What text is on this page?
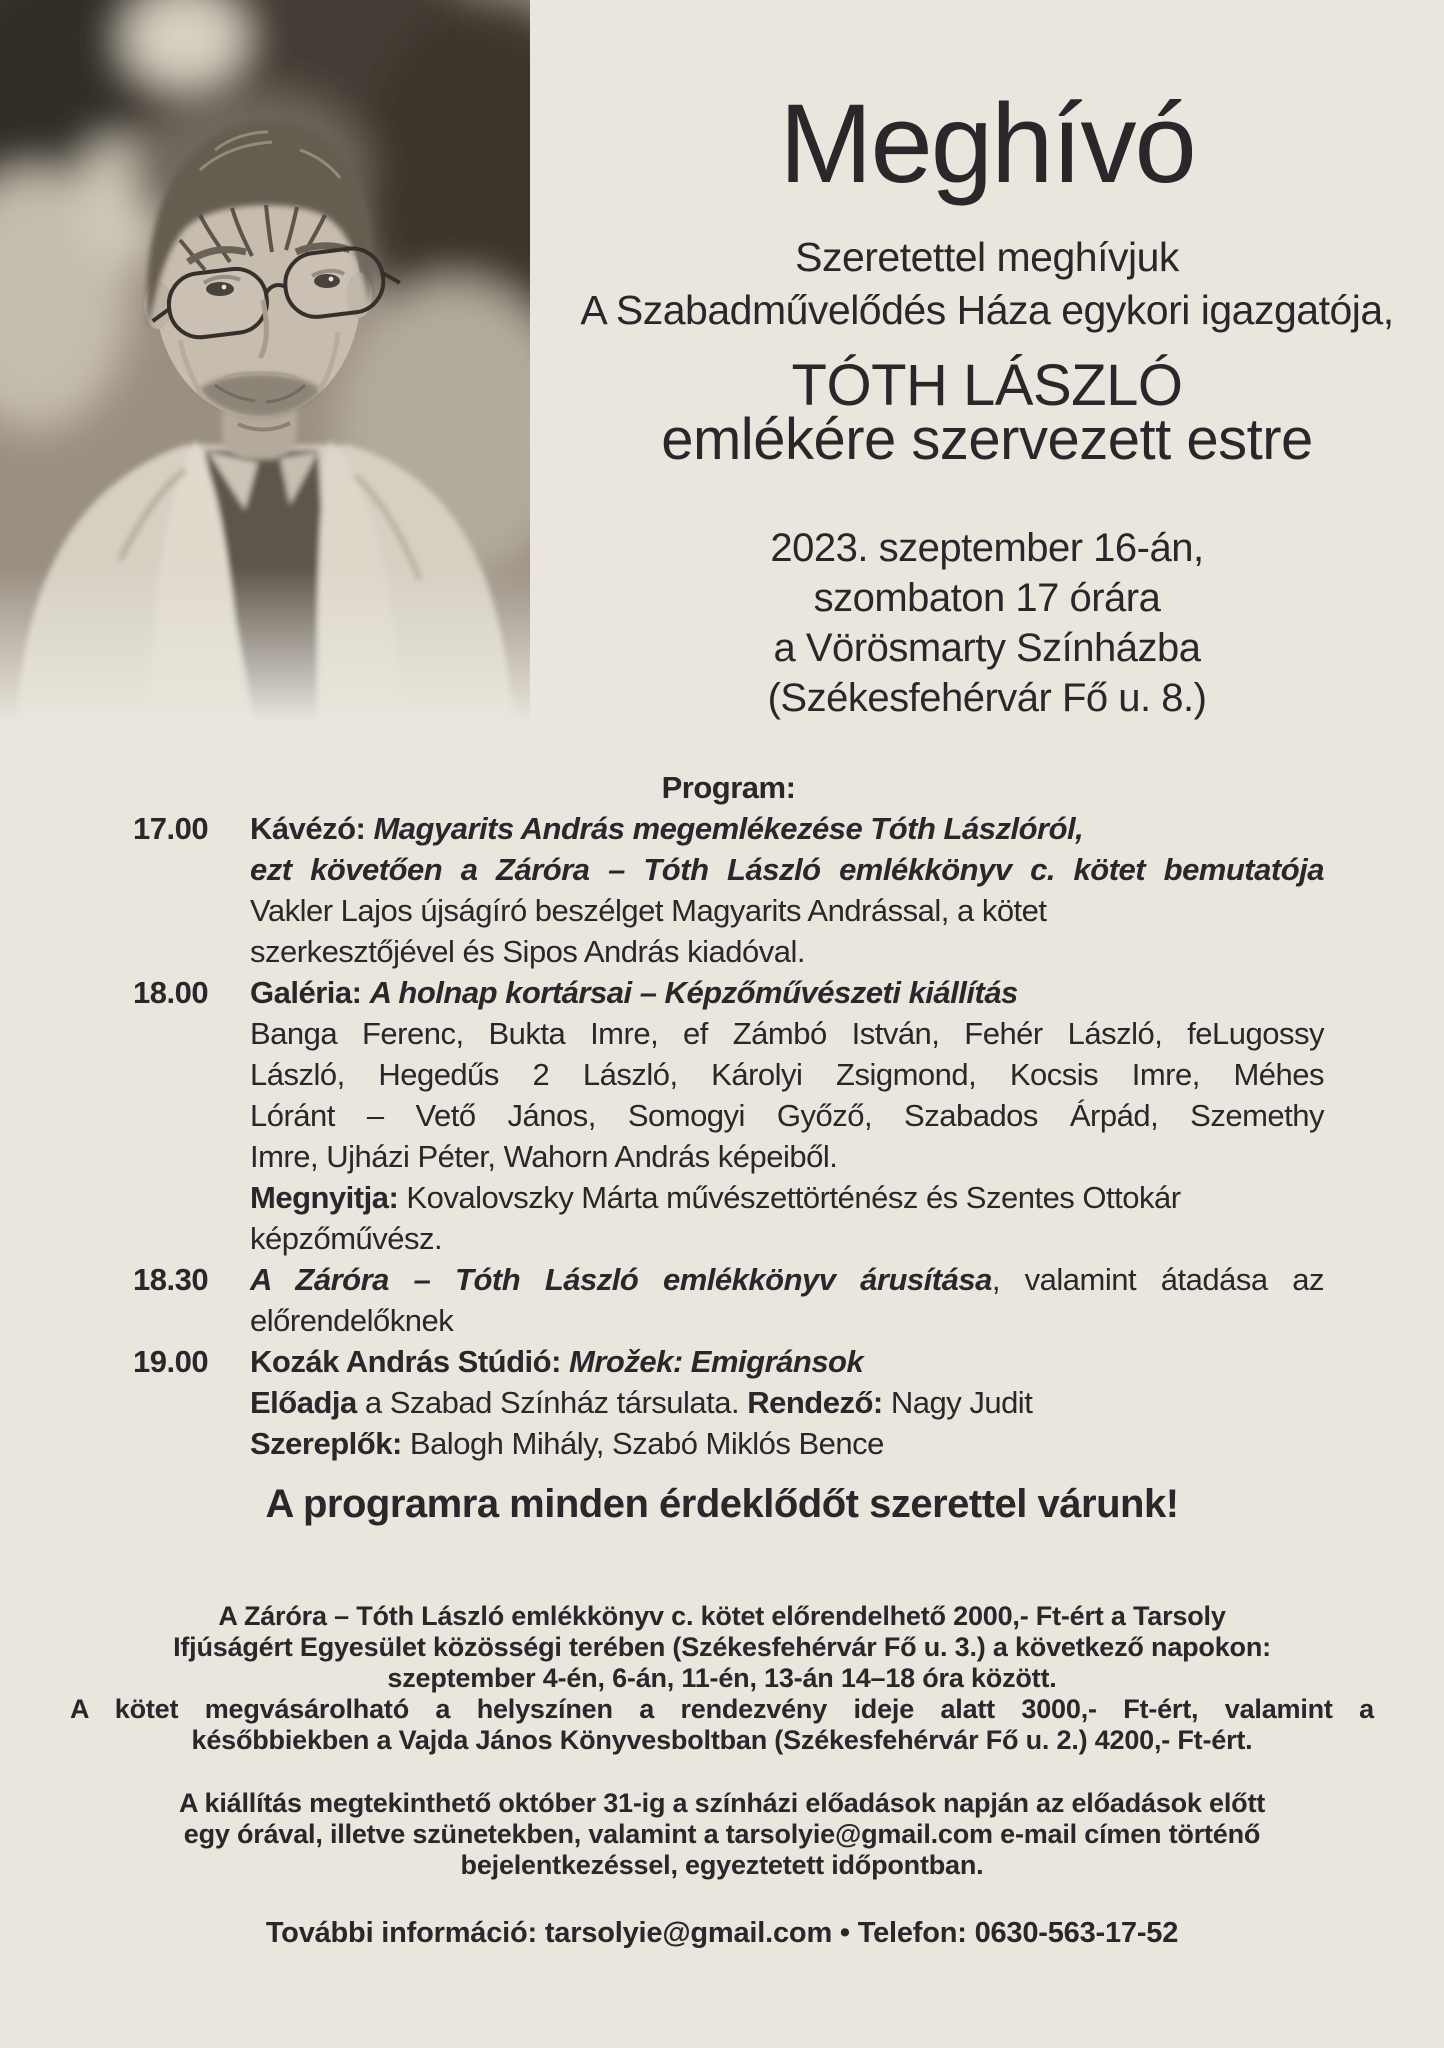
Meghívó
Szeretettel meghívjuk
A Szabadművelődés Háza egykori igazgatója,
TÓTH LÁSZLÓ
emlékére szervezett estre
2023. szeptember 16-án,
szombaton 17 órára
a Vörösmarty Színházba
(Székesfehérvár Fő u. 8.)
Program:
17.00	Kávézó: Magyarits András megemlékezése Tóth Lászlóról,
ezt követően a Záróra – Tóth László emlékkönyv c. kötet bemutatója
Vakler Lajos újságíró beszélget Magyarits Andrással, a kötet
szerkesztőjével és Sipos András kiadóval.
18.00	Galéria: A holnap kortársai – Képzőművészeti kiállítás
Banga Ferenc, Bukta Imre, ef Zámbó István, Fehér László, feLugossy
László, Hegedűs 2 László, Károlyi Zsigmond, Kocsis Imre, Méhes
Lóránt – Vető János, Somogyi Győző, Szabados Árpád, Szemethy
Imre, Ujházi Péter, Wahorn András képeiből.
Megnyitja: Kovalovszky Márta művészettörténész és Szentes Ottokár
képzőművész.
18.30	A Záróra – Tóth László emlékkönyv árusítása, valamint átadása az
előrendelőknek
19.00	Kozák András Stúdió: Mrožek: Emigránsok
Előadja a Szabad Színház társulata. Rendező: Nagy Judit
Szereplők: Balogh Mihály, Szabó Miklós Bence
A programra minden érdeklődőt szerettel várunk!
A Záróra – Tóth László emlékkönyv c. kötet előrendelhető 2000,- Ft-ért a Tarsoly
Ifjúságért Egyesület közösségi terében (Székesfehérvár Fő u. 3.) a következő napokon:
szeptember 4-én, 6-án, 11-én, 13-án 14–18 óra között.
A kötet megvásárolható a helyszínen a rendezvény ideje alatt 3000,- Ft-ért, valamint a
későbbiekben a Vajda János Könyvesboltban (Székesfehérvár Fő u. 2.) 4200,- Ft-ért.
A kiállítás megtekinthető október 31-ig a színházi előadások napján az előadások előtt
egy órával, illetve szünetekben, valamint a tarsolyie@gmail.com e-mail címen történő
bejelentkezéssel, egyeztetett időpontban.
További információ: tarsolyie@gmail.com • Telefon: 0630-563-17-52
